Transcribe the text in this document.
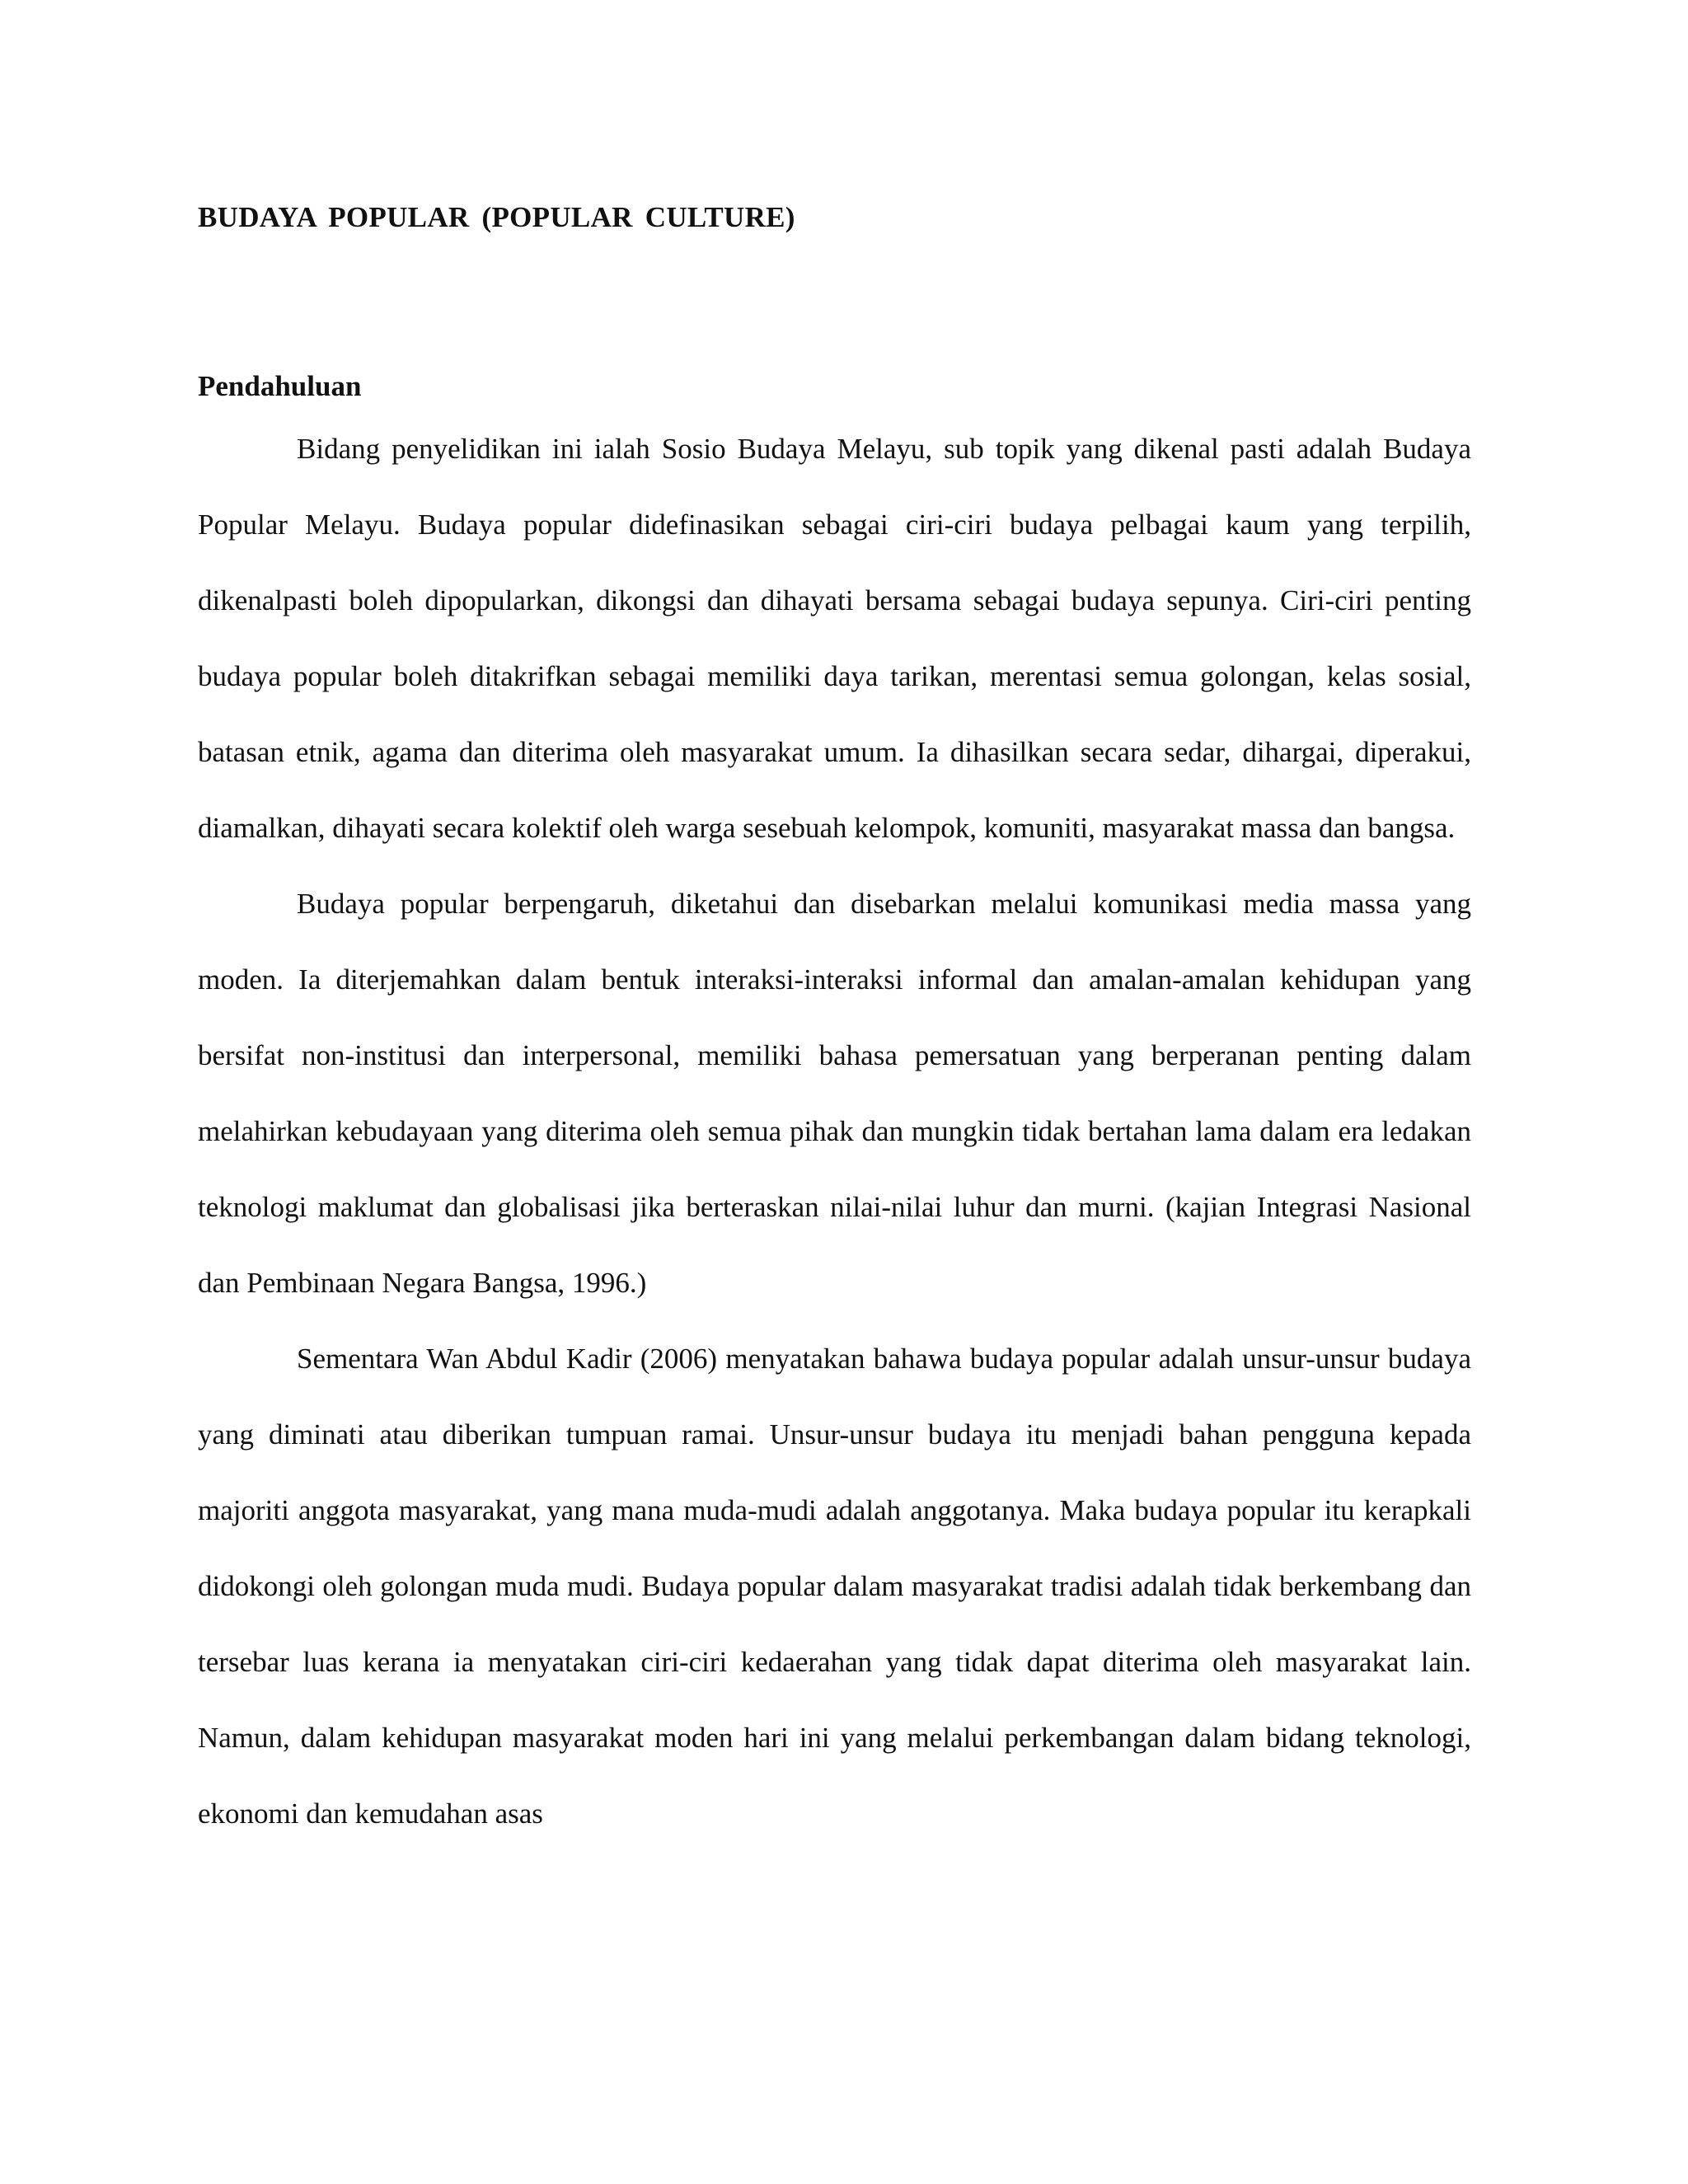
BUDAYA POPULAR (POPULAR CULTURE)
Pendahuluan

Bidang penyelidikan ini ialah Sosio Budaya Melayu, sub topik yang dikenal pasti adalah Budaya Popular Melayu. Budaya popular didefinasikan sebagai ciri-ciri budaya pelbagai kaum yang terpilih, dikenalpasti boleh dipopularkan, dikongsi dan dihayati bersama sebagai budaya sepunya. Ciri-ciri penting budaya popular boleh ditakrifkan sebagai memiliki daya tarikan, merentasi semua golongan, kelas sosial, batasan etnik, agama dan diterima oleh masyarakat umum. Ia dihasilkan secara sedar, dihargai, diperakui, diamalkan, dihayati secara kolektif oleh warga sesebuah kelompok, komuniti, masyarakat massa dan bangsa.

Budaya popular berpengaruh, diketahui dan disebarkan melalui komunikasi media massa yang moden. Ia diterjemahkan dalam bentuk interaksi-interaksi informal dan amalan-amalan kehidupan yang bersifat non-institusi dan interpersonal, memiliki bahasa pemersatuan yang berperanan penting dalam melahirkan kebudayaan yang diterima oleh semua pihak dan mungkin tidak bertahan lama dalam era ledakan teknologi maklumat dan globalisasi jika berteraskan nilai-nilai luhur dan murni. (kajian Integrasi Nasional dan Pembinaan Negara Bangsa, 1996.)

Sementara Wan Abdul Kadir (2006) menyatakan bahawa budaya popular adalah unsur-unsur budaya yang diminati atau diberikan tumpuan ramai. Unsur-unsur budaya itu menjadi bahan pengguna kepada majoriti anggota masyarakat, yang mana muda-mudi adalah anggotanya. Maka budaya popular itu kerapkali didokongi oleh golongan muda mudi. Budaya popular dalam masyarakat tradisi adalah tidak berkembang dan tersebar luas kerana ia menyatakan ciri-ciri kedaerahan yang tidak dapat diterima oleh masyarakat lain. Namun, dalam kehidupan masyarakat moden hari ini yang melalui perkembangan dalam bidang teknologi, ekonomi dan kemudahan asas
